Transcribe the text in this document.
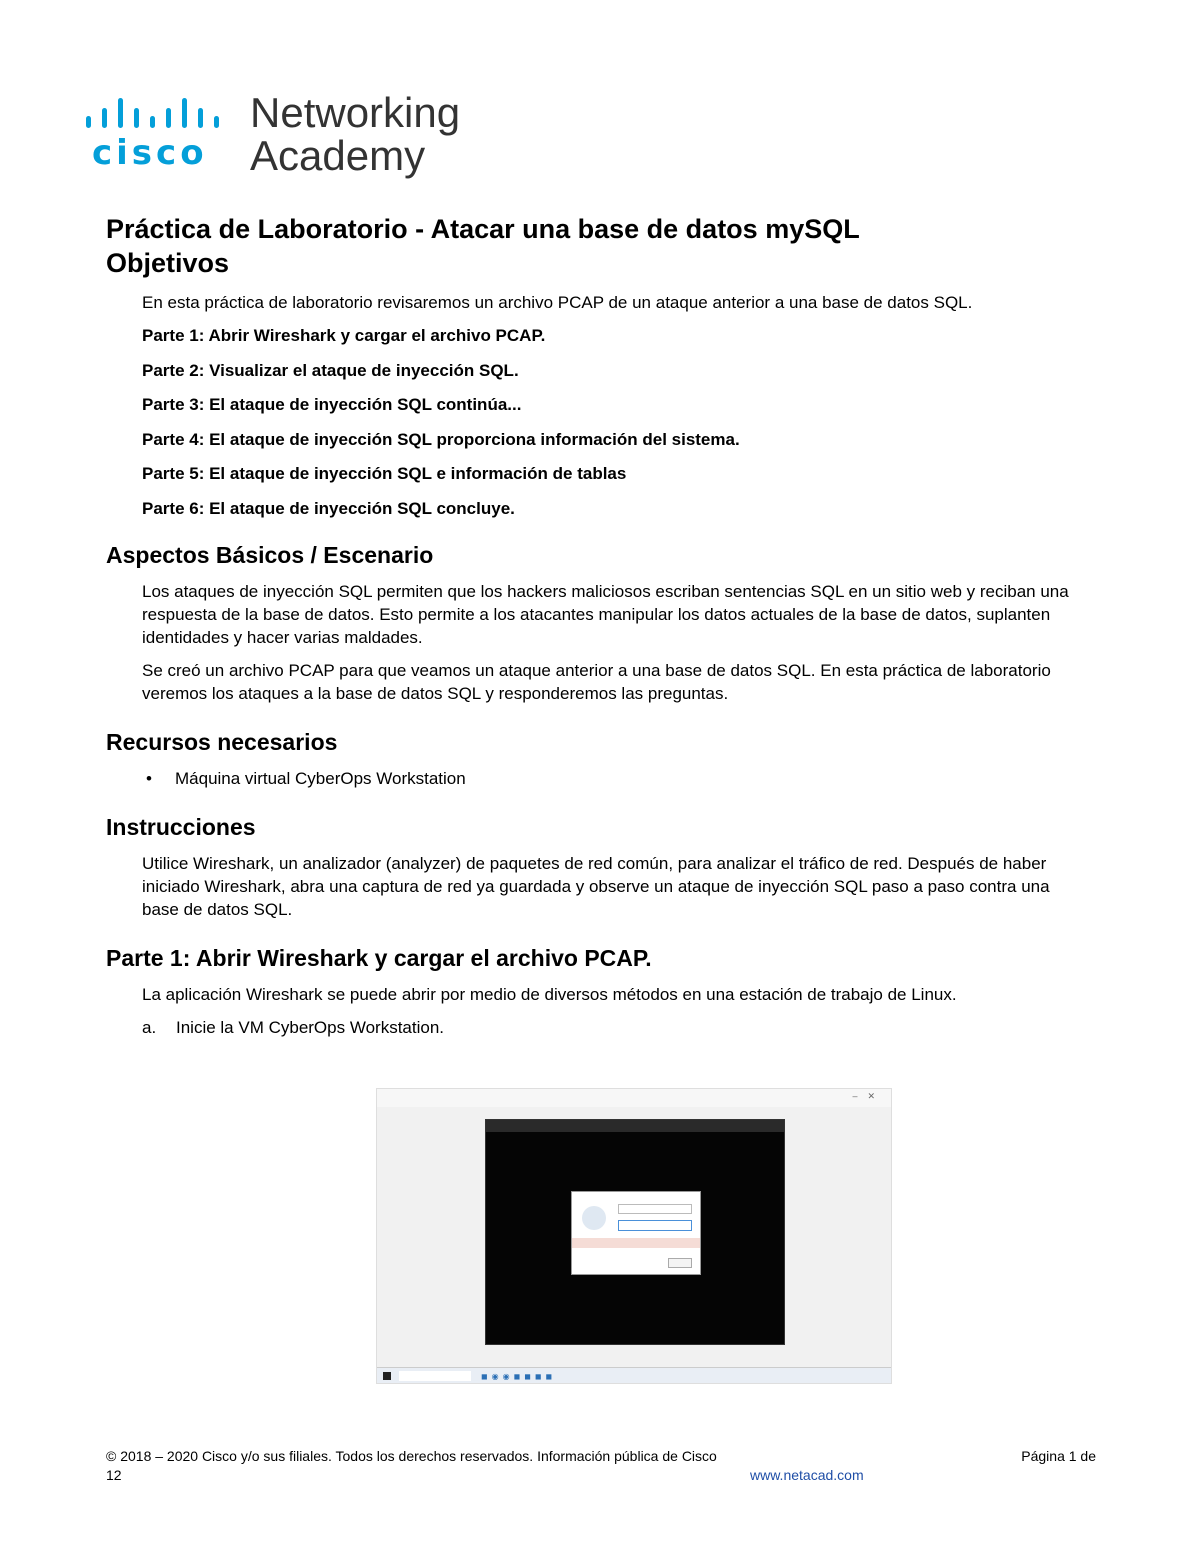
cisco
Networking
Academy
Práctica de Laboratorio - Atacar una base de datos mySQL
Objetivos

En esta práctica de laboratorio revisaremos un archivo PCAP de un ataque anterior a una base de datos SQL.

Parte 1: Abrir Wireshark y cargar el archivo PCAP.

Parte 2: Visualizar el ataque de inyección SQL.

Parte 3: El ataque de inyección SQL continúa...

Parte 4: El ataque de inyección SQL proporciona información del sistema.

Parte 5: El ataque de inyección SQL e información de tablas

Parte 6: El ataque de inyección SQL concluye.

Aspectos Básicos / Escenario

Los ataques de inyección SQL permiten que los hackers maliciosos escriban sentencias SQL en un sitio web y reciban una respuesta de la base de datos. Esto permite a los atacantes manipular los datos actuales de la base de datos, suplanten identidades y hacer varias maldades.

Se creó un archivo PCAP para que veamos un ataque anterior a una base de datos SQL. En esta práctica de laboratorio veremos los ataques a la base de datos SQL y responderemos las preguntas.

Recursos necesarios
•	Máquina virtual CyberOps Workstation
Instrucciones

Utilice Wireshark, un analizador (analyzer) de paquetes de red común, para analizar el tráfico de red. Después de haber iniciado Wireshark, abra una captura de red ya guardada y observe un ataque de inyección SQL paso a paso contra una base de datos SQL.

Parte 1: Abrir Wireshark y cargar el archivo PCAP.

La aplicación Wireshark se puede abrir por medio de diversos métodos en una estación de trabajo de Linux.

a.	Inicie la VM CyberOps Workstation.
–✕
◼◉◉◼◼◼◼
© 2018 – 2020 Cisco y/o sus filiales. Todos los derechos reservados. Información pública de Cisco	Página 1 de
12	www.netacad.com
